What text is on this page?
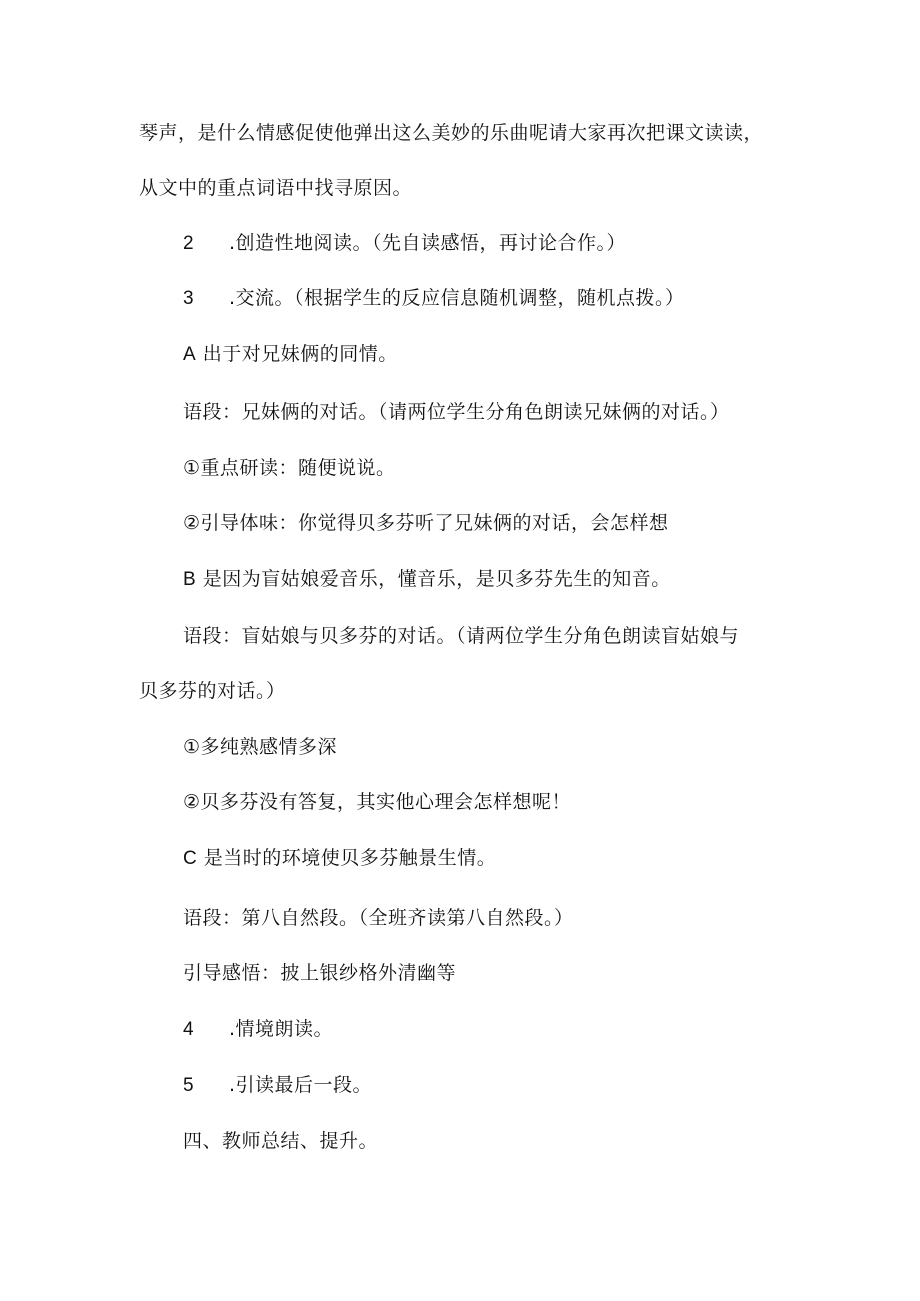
琴声，是什么情感促使他弹出这么美妙的乐曲呢请大家再次把课文读读，
从文中的重点词语中找寻原因。
2 .创造性地阅读。（先自读感悟，再讨论合作。）
3 .交流。（根据学生的反应信息随机调整，随机点拨。）
A 出于对兄妹俩的同情。
语段：兄妹俩的对话。（请两位学生分角色朗读兄妹俩的对话。）
①重点研读：随便说说。
②引导体味：你觉得贝多芬听了兄妹俩的对话，会怎样想
B 是因为盲姑娘爱音乐，懂音乐，是贝多芬先生的知音。
语段：盲姑娘与贝多芬的对话。（请两位学生分角色朗读盲姑娘与
贝多芬的对话。）
①多纯熟感情多深
②贝多芬没有答复，其实他心理会怎样想呢！
C 是当时的环境使贝多芬触景生情。
语段：第八自然段。（全班齐读第八自然段。）
引导感悟：披上银纱格外清幽等
4 .情境朗读。
5 .引读最后一段。
四、教师总结、提升。
